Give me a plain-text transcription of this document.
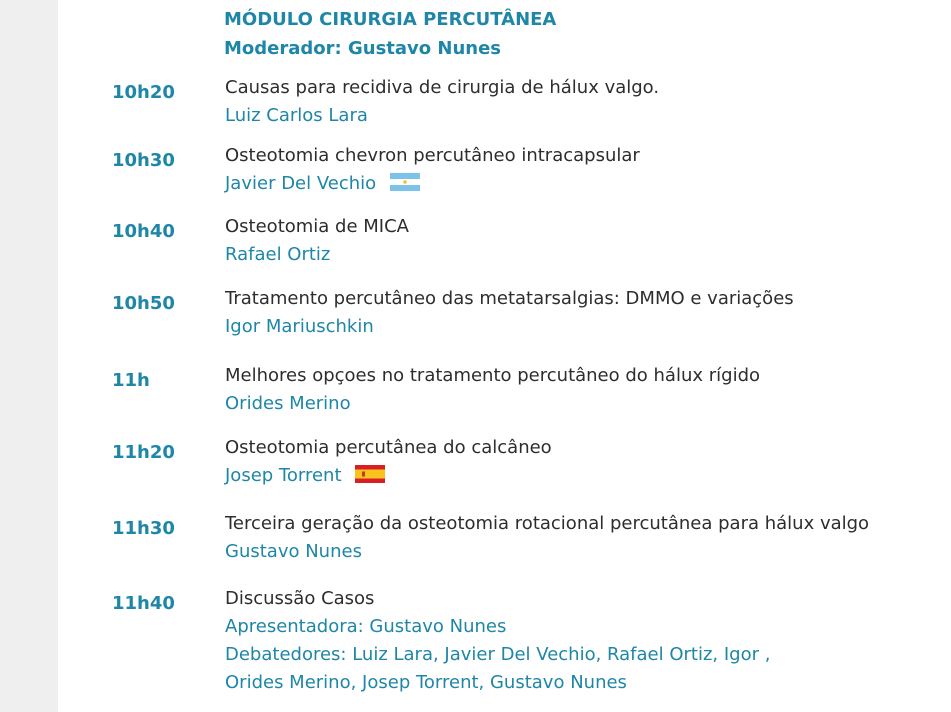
MÓDULO CIRURGIA PERCUTÂNEA
Moderador: Gustavo Nunes
10h20	Causas para recidiva de cirurgia de hálux valgo.
Luiz Carlos Lara
10h30	Osteotomia chevron percutâneo intracapsular
Javier Del Vechio
10h40	Osteotomia de MICA
Rafael Ortiz
10h50	Tratamento percutâneo das metatarsalgias: DMMO e variações
Igor Mariuschkin
11h	Melhores opçoes no tratamento percutâneo do hálux rígido
Orides Merino
11h20	Osteotomia percutânea do calcâneo
Josep Torrent
11h30	Terceira geração da osteotomia rotacional percutânea para hálux valgo
Gustavo Nunes
11h40	Discussão Casos
Apresentadora: Gustavo Nunes
Debatedores: Luiz Lara, Javier Del Vechio, Rafael Ortiz, Igor ,
Orides Merino, Josep Torrent, Gustavo Nunes
